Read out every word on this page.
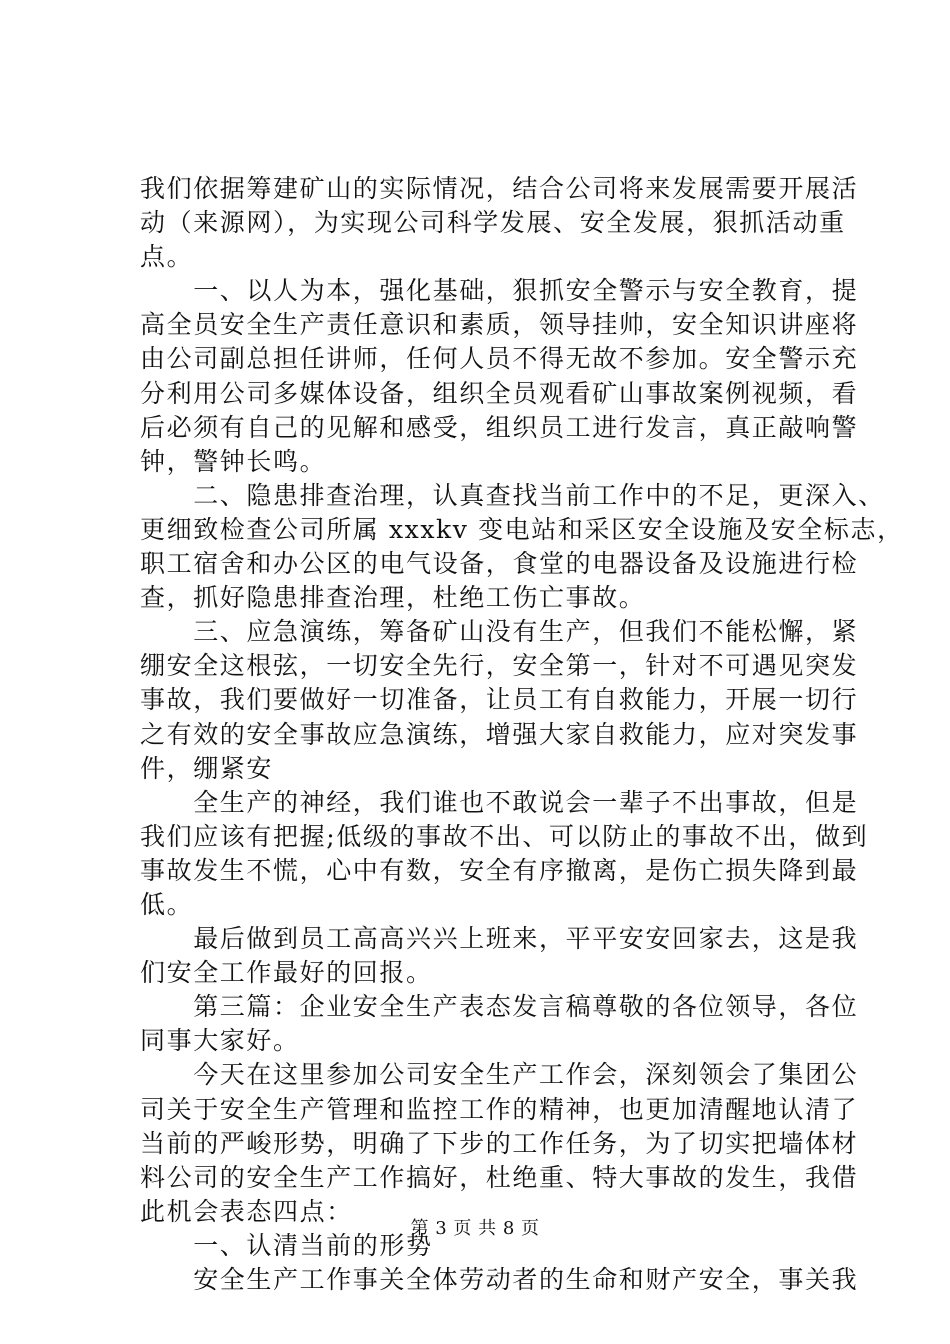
我们依据筹建矿山的实际情况，结合公司将来发展需要开展活
动（来源网），为实现公司科学发展、安全发展，狠抓活动重
点。
　　一、以人为本，强化基础，狠抓安全警示与安全教育，提
高全员安全生产责任意识和素质，领导挂帅，安全知识讲座将
由公司副总担任讲师，任何人员不得无故不参加。安全警示充
分利用公司多媒体设备，组织全员观看矿山事故案例视频，看
后必须有自己的见解和感受，组织员工进行发言，真正敲响警
钟，警钟长鸣。
　　二、隐患排查治理，认真查找当前工作中的不足，更深入、
更细致检查公司所属 xxxkv 变电站和采区安全设施及安全标志，
职工宿舍和办公区的电气设备，食堂的电器设备及设施进行检
查，抓好隐患排查治理，杜绝工伤亡事故。
　　三、应急演练，筹备矿山没有生产，但我们不能松懈，紧
绷安全这根弦，一切安全先行，安全第一，针对不可遇见突发
事故，我们要做好一切准备，让员工有自救能力，开展一切行
之有效的安全事故应急演练，增强大家自救能力，应对突发事
件，绷紧安
　　全生产的神经，我们谁也不敢说会一辈子不出事故，但是
我们应该有把握;低级的事故不出、可以防止的事故不出，做到
事故发生不慌，心中有数，安全有序撤离，是伤亡损失降到最
低。
　　最后做到员工高高兴兴上班来，平平安安回家去，这是我
们安全工作最好的回报。
　　第三篇：企业安全生产表态发言稿尊敬的各位领导，各位
同事大家好。
　　今天在这里参加公司安全生产工作会，深刻领会了集团公
司关于安全生产管理和监控工作的精神，也更加清醒地认清了
当前的严峻形势，明确了下步的工作任务，为了切实把墙体材
料公司的安全生产工作搞好，杜绝重、特大事故的发生，我借
此机会表态四点：
　　一、认清当前的形势
　　安全生产工作事关全体劳动者的生命和财产安全，事关我
第 3 页 共 8 页
